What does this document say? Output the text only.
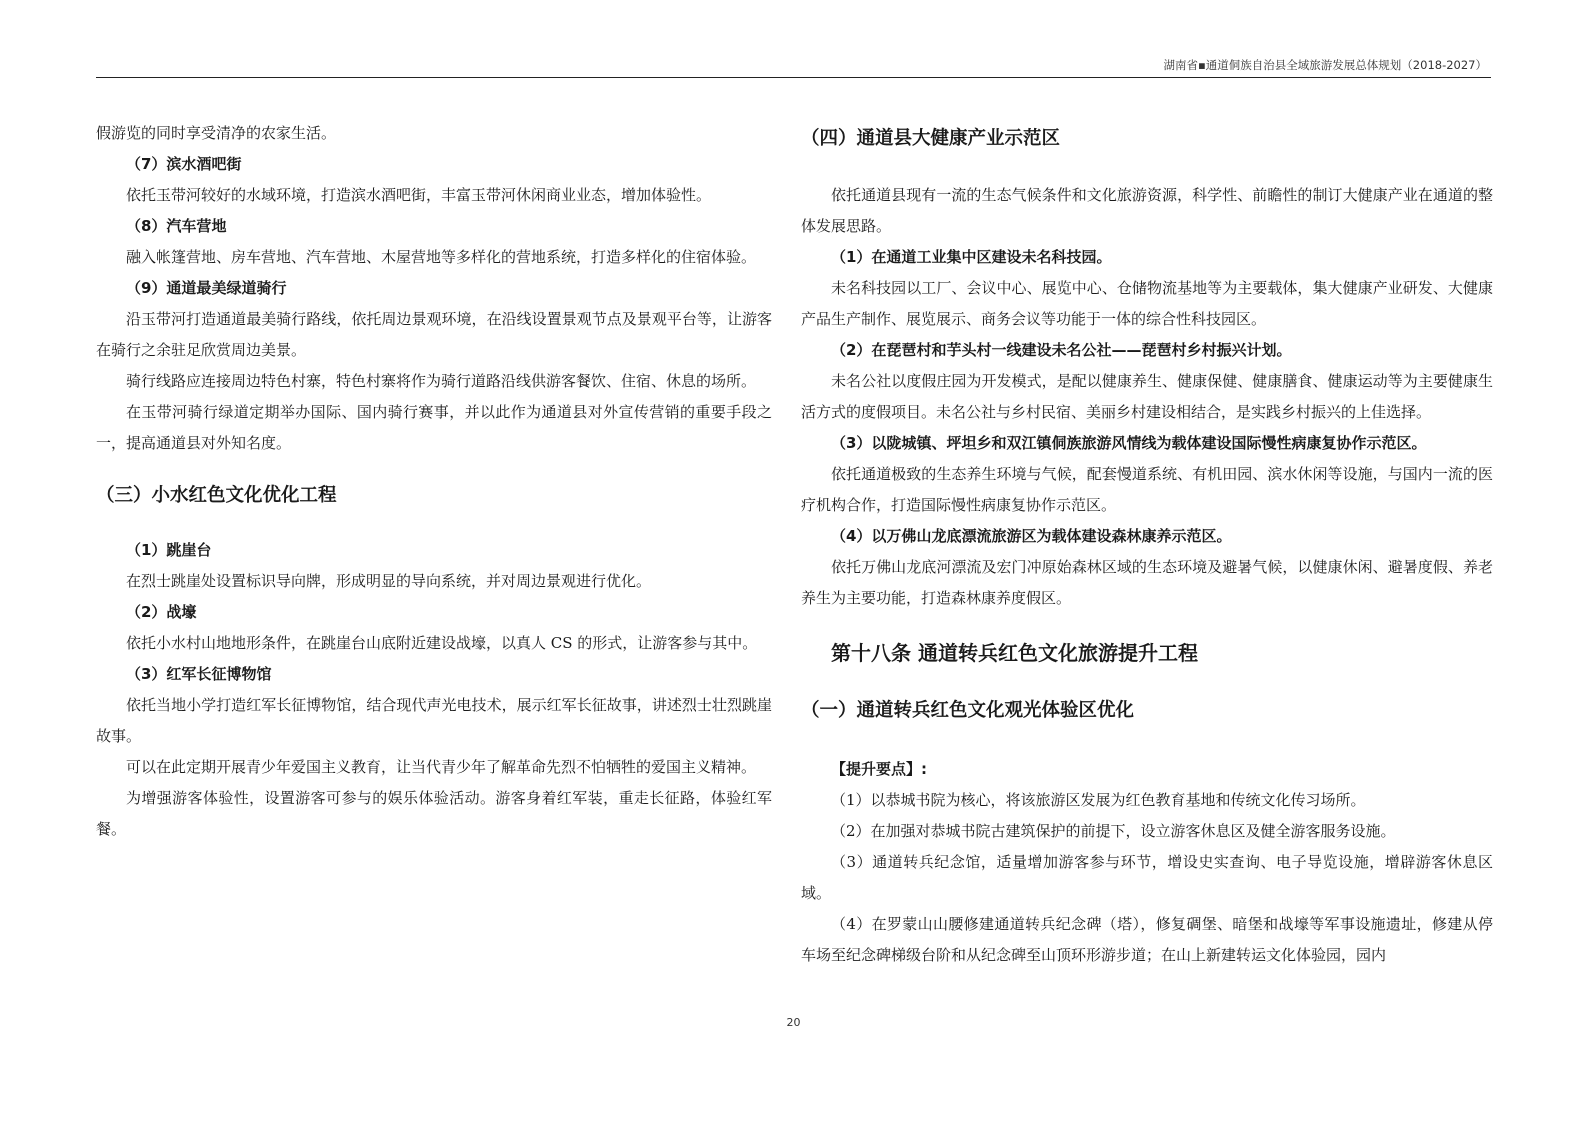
湖南省▪通道侗族自治县全域旅游发展总体规划（2018-2027）

假游览的同时享受清净的农家生活。

（7）滨水酒吧街

依托玉带河较好的水域环境，打造滨水酒吧街，丰富玉带河休闲商业业态，增加体验性。

（8）汽车营地

融入帐篷营地、房车营地、汽车营地、木屋营地等多样化的营地系统，打造多样化的住宿体验。

（9）通道最美绿道骑行

沿玉带河打造通道最美骑行路线，依托周边景观环境，在沿线设置景观节点及景观平台等，让游客在骑行之余驻足欣赏周边美景。

骑行线路应连接周边特色村寨，特色村寨将作为骑行道路沿线供游客餐饮、住宿、休息的场所。

在玉带河骑行绿道定期举办国际、国内骑行赛事，并以此作为通道县对外宣传营销的重要手段之一，提高通道县对外知名度。

（三）小水红色文化优化工程

（1）跳崖台

在烈士跳崖处设置标识导向牌，形成明显的导向系统，并对周边景观进行优化。

（2）战壕

依托小水村山地地形条件，在跳崖台山底附近建设战壕，以真人 CS 的形式，让游客参与其中。

（3）红军长征博物馆

依托当地小学打造红军长征博物馆，结合现代声光电技术，展示红军长征故事，讲述烈士壮烈跳崖故事。

可以在此定期开展青少年爱国主义教育，让当代青少年了解革命先烈不怕牺牲的爱国主义精神。

为增强游客体验性，设置游客可参与的娱乐体验活动。游客身着红军装，重走长征路，体验红军餐。

（四）通道县大健康产业示范区

依托通道县现有一流的生态气候条件和文化旅游资源，科学性、前瞻性的制订大健康产业在通道的整体发展思路。

（1）在通道工业集中区建设未名科技园。

未名科技园以工厂、会议中心、展览中心、仓储物流基地等为主要载体，集大健康产业研发、大健康产品生产制作、展览展示、商务会议等功能于一体的综合性科技园区。

（2）在琵琶村和芋头村一线建设未名公社——琵琶村乡村振兴计划。

未名公社以度假庄园为开发模式，是配以健康养生、健康保健、健康膳食、健康运动等为主要健康生活方式的度假项目。未名公社与乡村民宿、美丽乡村建设相结合，是实践乡村振兴的上佳选择。

（3）以陇城镇、坪坦乡和双江镇侗族旅游风情线为载体建设国际慢性病康复协作示范区。

依托通道极致的生态养生环境与气候，配套慢道系统、有机田园、滨水休闲等设施，与国内一流的医疗机构合作，打造国际慢性病康复协作示范区。

（4）以万佛山龙底漂流旅游区为载体建设森林康养示范区。

依托万佛山龙底河漂流及宏门冲原始森林区域的生态环境及避暑气候，以健康休闲、避暑度假、养老养生为主要功能，打造森林康养度假区。

第十八条 通道转兵红色文化旅游提升工程

（一）通道转兵红色文化观光体验区优化

【提升要点】:

（1）以恭城书院为核心，将该旅游区发展为红色教育基地和传统文化传习场所。

（2）在加强对恭城书院古建筑保护的前提下，设立游客休息区及健全游客服务设施。

（3）通道转兵纪念馆，适量增加游客参与环节，增设史实查询、电子导览设施，增辟游客休息区域。

（4）在罗蒙山山腰修建通道转兵纪念碑（塔），修复碉堡、暗堡和战壕等军事设施遗址，修建从停车场至纪念碑梯级台阶和从纪念碑至山顶环形游步道；在山上新建转运文化体验园，园内

20
